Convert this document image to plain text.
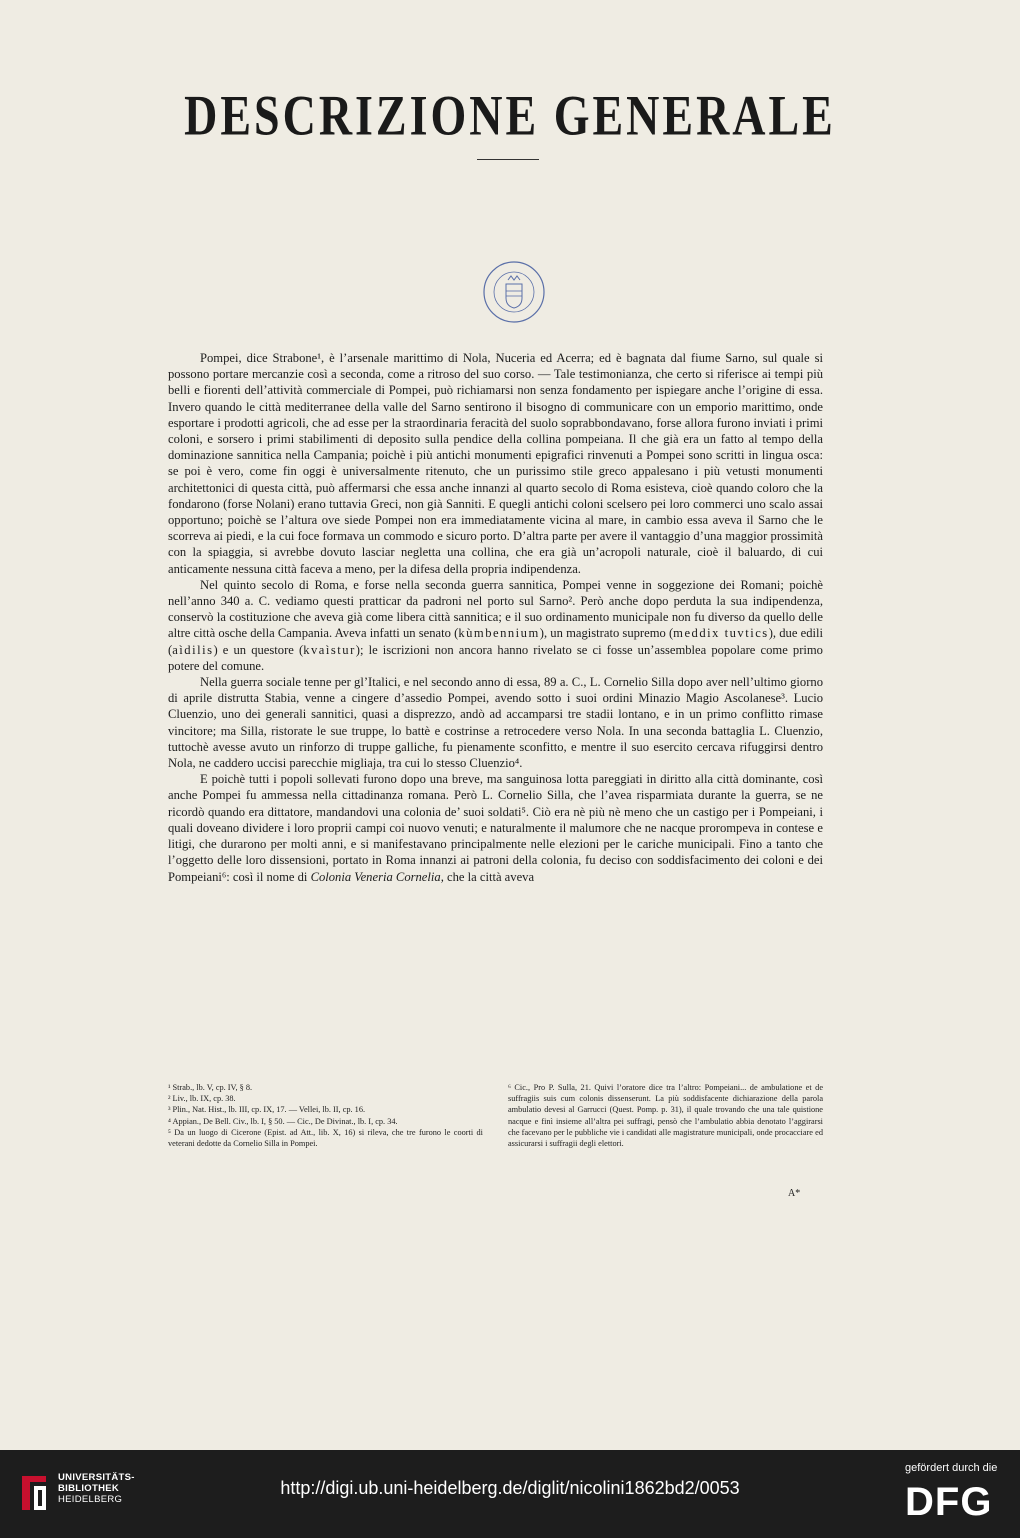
DESCRIZIONE GENERALE

Pompei, dice Strabone¹, è l’arsenale marittimo di Nola, Nuceria ed Acerra; ed è bagnata dal fiume Sarno, sul quale si possono portare mercanzie così a seconda, come a ritroso del suo corso. — Tale testimonianza, che certo si riferisce ai tempi più belli e fiorenti dell’attività commerciale di Pompei, può richiamarsi non senza fondamento per ispiegare anche l’origine di essa. Invero quando le città mediterranee della valle del Sarno sentirono il bisogno di communicare con un emporio marittimo, onde esportare i prodotti agricoli, che ad esse per la straordinaria feracità del suolo soprabbondavano, forse allora furono inviati i primi coloni, e sorsero i primi stabilimenti di deposito sulla pendice della collina pompeiana. Il che già era un fatto al tempo della dominazione sannitica nella Campania; poichè i più antichi monumenti epigrafici rinvenuti a Pompei sono scritti in lingua osca: se poi è vero, come fin oggi è universalmente ritenuto, che un purissimo stile greco appalesano i più vetusti monumenti architettonici di questa città, può affermarsi che essa anche innanzi al quarto secolo di Roma esisteva, cioè quando coloro che la fondarono (forse Nolani) erano tuttavia Greci, non già Sanniti. E quegli antichi coloni scelsero pei loro commerci uno scalo assai opportuno; poichè se l’altura ove siede Pompei non era immediatamente vicina al mare, in cambio essa aveva il Sarno che le scorreva ai piedi, e la cui foce formava un commodo e sicuro porto. D’altra parte per avere il vantaggio d’una maggior prossimità con la spiaggia, si avrebbe dovuto lasciar negletta una collina, che era già un’acropoli naturale, cioè il baluardo, di cui anticamente nessuna città faceva a meno, per la difesa della propria indipendenza.

Nel quinto secolo di Roma, e forse nella seconda guerra sannitica, Pompei venne in soggezione dei Romani; poichè nell’anno 340 a. C. vediamo questi pratticar da padroni nel porto sul Sarno². Però anche dopo perduta la sua indipendenza, conservò la costituzione che aveva già come libera città sannitica; e il suo ordinamento municipale non fu diverso da quello delle altre città osche della Campania. Aveva infatti un senato (kùmbennium), un magistrato supremo (meddix tuvtics), due edili (aìdilis) e un questore (kvaìstur); le iscrizioni non ancora hanno rivelato se ci fosse un’assemblea popolare come primo potere del comune.

Nella guerra sociale tenne per gl’Italici, e nel secondo anno di essa, 89 a. C., L. Cornelio Silla dopo aver nell’ultimo giorno di aprile distrutta Stabia, venne a cingere d’assedio Pompei, avendo sotto i suoi ordini Minazio Magio Ascolanese³. Lucio Cluenzio, uno dei generali sannitici, quasi a disprezzo, andò ad accamparsi tre stadii lontano, e in un primo conflitto rimase vincitore; ma Silla, ristorate le sue truppe, lo battè e costrinse a retrocedere verso Nola. In una seconda battaglia L. Cluenzio, tuttochè avesse avuto un rinforzo di truppe galliche, fu pienamente sconfitto, e mentre il suo esercito cercava rifuggirsi dentro Nola, ne caddero uccisi parecchie migliaja, tra cui lo stesso Cluenzio⁴.

E poichè tutti i popoli sollevati furono dopo una breve, ma sanguinosa lotta pareggiati in diritto alla città dominante, così anche Pompei fu ammessa nella cittadinanza romana. Però L. Cornelio Silla, che l’avea risparmiata durante la guerra, se ne ricordò quando era dittatore, mandandovi una colonia de’ suoi soldati⁵. Ciò era nè più nè meno che un castigo per i Pompeiani, i quali doveano dividere i loro proprii campi coi nuovo venuti; e naturalmente il malumore che ne nacque prorompeva in contese e litigi, che durarono per molti anni, e si manifestavano principalmente nelle elezioni per le cariche municipali. Fino a tanto che l’oggetto delle loro dissensioni, portato in Roma innanzi ai patroni della colonia, fu deciso con soddisfacimento dei coloni e dei Pompeiani⁶: così il nome di Colonia Veneria Cornelia, che la città aveva

¹ Strab., lb. V, cp. IV, § 8.

² Liv., lb. IX, cp. 38.

³ Plin., Nat. Hist., lb. III, cp. IX, 17. — Vellei, lb. II, cp. 16.

⁴ Appian., De Bell. Civ., lb. I, § 50. — Cic., De Divinat., lb. I, cp. 34.

⁵ Da un luogo di Cicerone (Epist. ad Att., lib. X, 16) si rileva, che tre furono le coorti di veterani dedotte da Cornelio Silla in Pompei.

⁶ Cic., Pro P. Sulla, 21. Quivi l’oratore dice tra l’altro: Pompeiani... de ambulatione et de suffragiis suis cum colonis dissenserunt. La più soddisfacente dichiarazione della parola ambulatio devesi al Garrucci (Quest. Pomp. p. 31), il quale trovando che una tale quistione nacque e finì insieme all’altra pei suffragi, pensò che l’ambulatio abbia denotato l’aggirarsi che facevano per le pubbliche vie i candidati alle magistrature municipali, onde procacciare ed assicurarsi i suffragii degli elettori.

A*
UNIVERSITÄTS-
BIBLIOTHEK
HEIDELBERG
http://digi.ub.uni-heidelberg.de/diglit/nicolini1862bd2/0053
gefördert durch die
DFG
